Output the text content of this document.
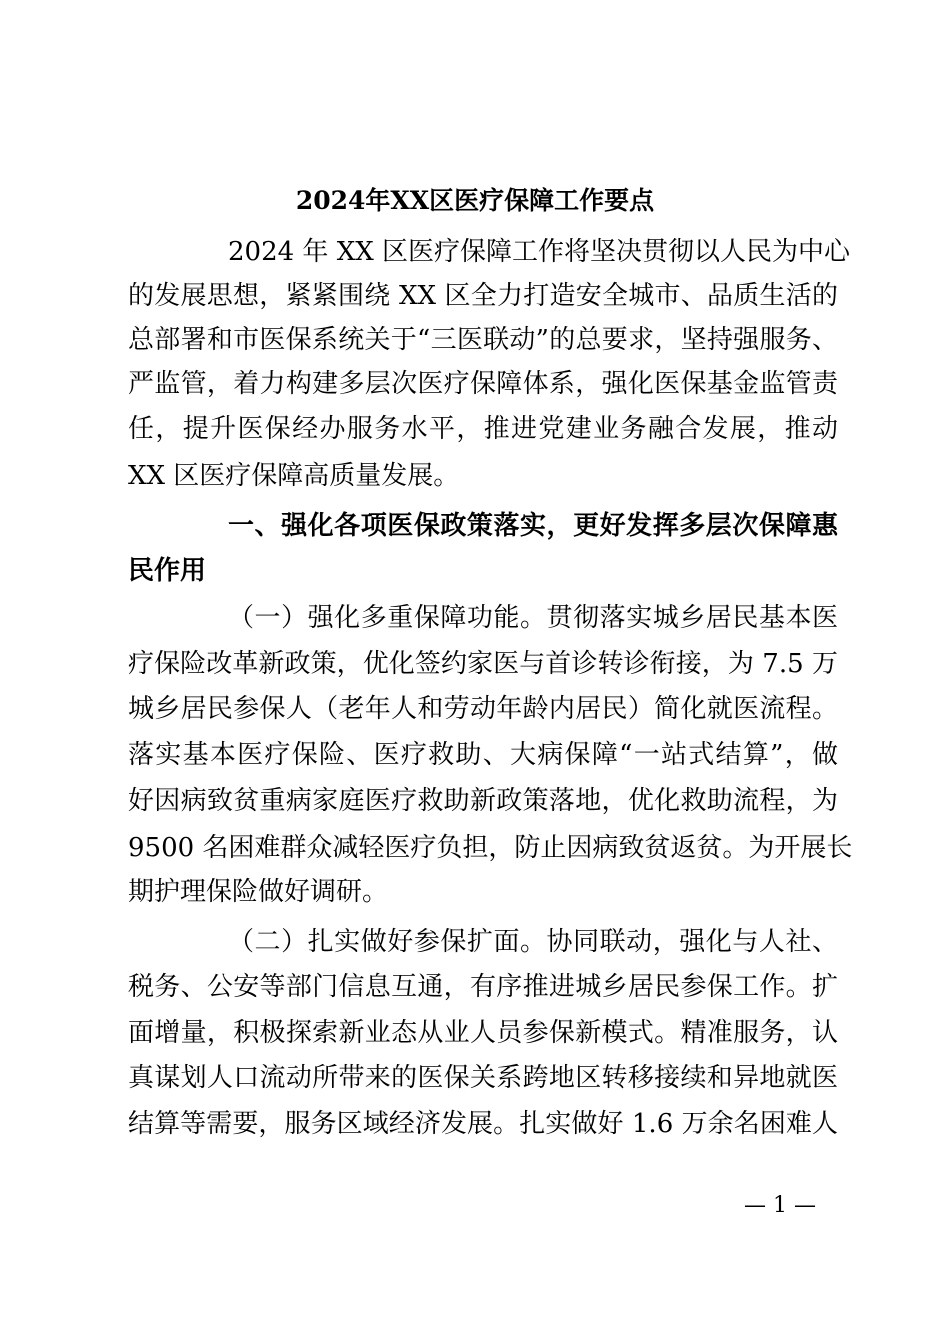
2024年XX区医疗保障工作要点
2024 年 XX 区医疗保障工作将坚决贯彻以人民为中心
的发展思想，紧紧围绕 XX 区全力打造安全城市、品质生活的
总部署和市医保系统关于“三医联动”的总要求，坚持强服务、
严监管，着力构建多层次医疗保障体系，强化医保基金监管责
任，提升医保经办服务水平，推进党建业务融合发展，推动
XX 区医疗保障高质量发展。
一、强化各项医保政策落实，更好发挥多层次保障惠
民作用
（一）强化多重保障功能。贯彻落实城乡居民基本医
疗保险改革新政策，优化签约家医与首诊转诊衔接，为 7.5 万
城乡居民参保人（老年人和劳动年龄内居民）简化就医流程。
落实基本医疗保险、医疗救助、大病保障“一站式结算”，做
好因病致贫重病家庭医疗救助新政策落地，优化救助流程，为
9500 名困难群众减轻医疗负担，防止因病致贫返贫。为开展长
期护理保险做好调研。
（二）扎实做好参保扩面。协同联动，强化与人社、
税务、公安等部门信息互通，有序推进城乡居民参保工作。扩
面增量，积极探索新业态从业人员参保新模式。精准服务，认
真谋划人口流动所带来的医保关系跨地区转移接续和异地就医
结算等需要，服务区域经济发展。扎实做好 1.6 万余名困难人
— 1 —
